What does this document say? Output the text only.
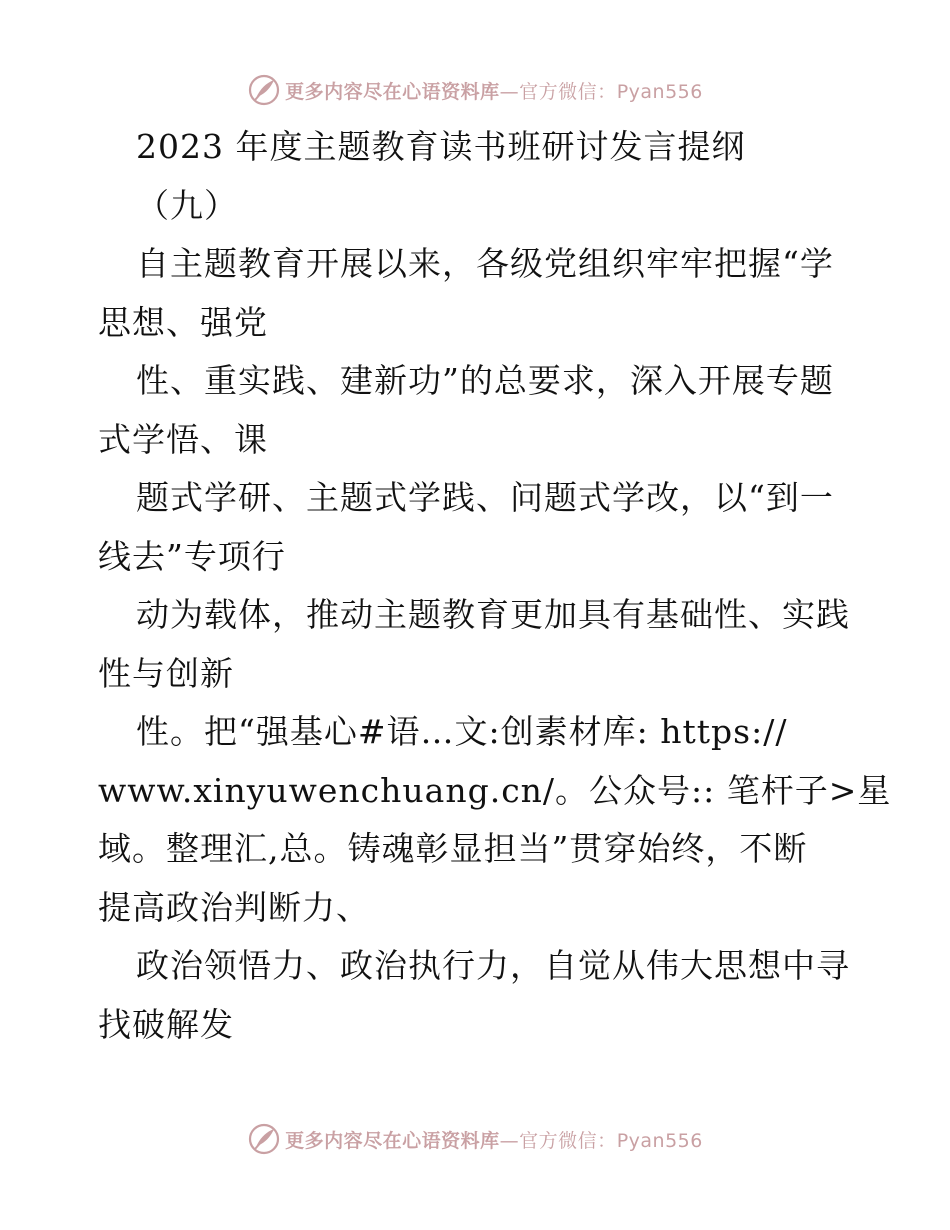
更多内容尽在心语资料库—官方微信：Pyan556
2023 年度主题教育读书班研讨发言提纲
（九）
自主题教育开展以来，各级党组织牢牢把握“学
思想、强党
性、重实践、建新功”的总要求，深入开展专题
式学悟、课
题式学研、主题式学践、问题式学改，以“到一
线去”专项行
动为载体，推动主题教育更加具有基础性、实践
性与创新
性。把“强基心#语…文:创素材库: https://
www.xinyuwenchuang.cn/。公众号:: 笔杆子>星
域。整理汇,总。铸魂彰显担当”贯穿始终，不断
提高政治判断力、
政治领悟力、政治执行力，自觉从伟大思想中寻
找破解发
更多内容尽在心语资料库—官方微信：Pyan556
